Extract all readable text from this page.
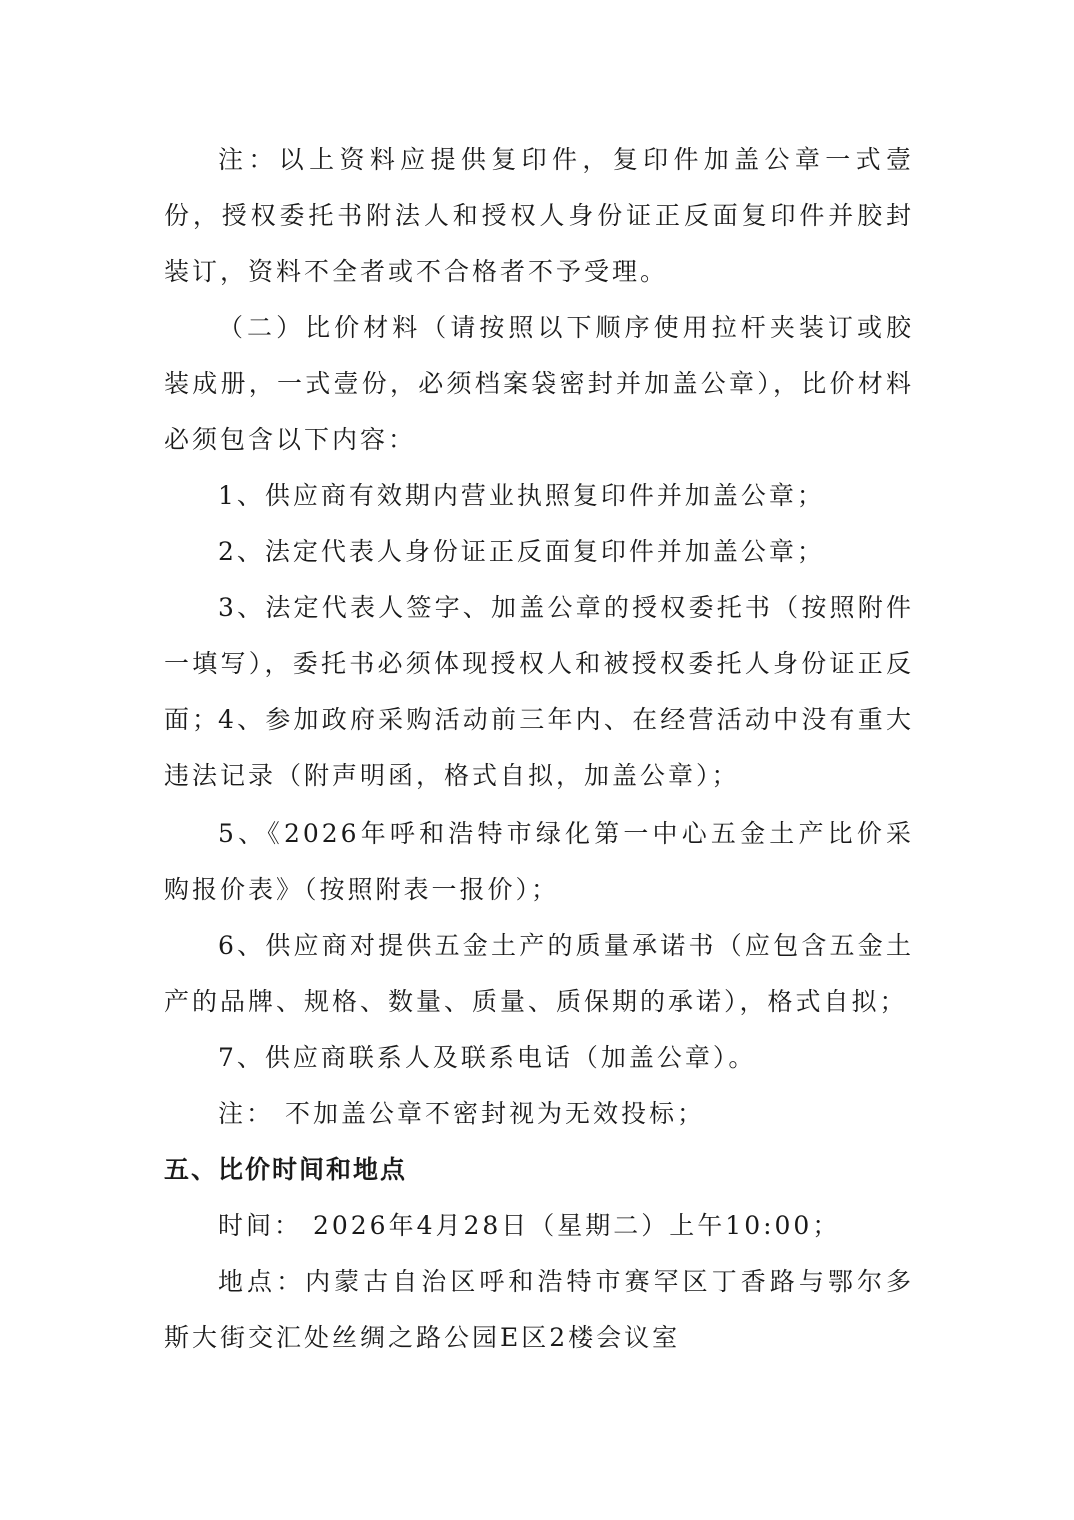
注：以上资料应提供复印件，复印件加盖公章一式壹份，授权委托书附法人和授权人身份证正反面复印件并胶封装订，资料不全者或不合格者不予受理。

（二）比价材料（请按照以下顺序使用拉杆夹装订或胶装成册，一式壹份，必须档案袋密封并加盖公章），比价材料必须包含以下内容：

1、供应商有效期内营业执照复印件并加盖公章；

2、法定代表人身份证正反面复印件并加盖公章；

3、法定代表人签字、加盖公章的授权委托书（按照附件一填写），委托书必须体现授权人和被授权委托人身份证正反面；

4、参加政府采购活动前三年内、在经营活动中没有重大违法记录（附声明函，格式自拟，加盖公章）；

5、《2026年呼和浩特市绿化第一中心五金土产比价采购报价表》（按照附表一报价）；

6、供应商对提供五金土产的质量承诺书（应包含五金土产的品牌、规格、数量、质量、质保期的承诺），格式自拟；

7、供应商联系人及联系电话（加盖公章）。

注： 不加盖公章不密封视为无效投标；

五、比价时间和地点

时间： 2026年4月28日（星期二）上午10:00；

地点：内蒙古自治区呼和浩特市赛罕区丁香路与鄂尔多斯大街交汇处丝绸之路公园E区2楼会议室
